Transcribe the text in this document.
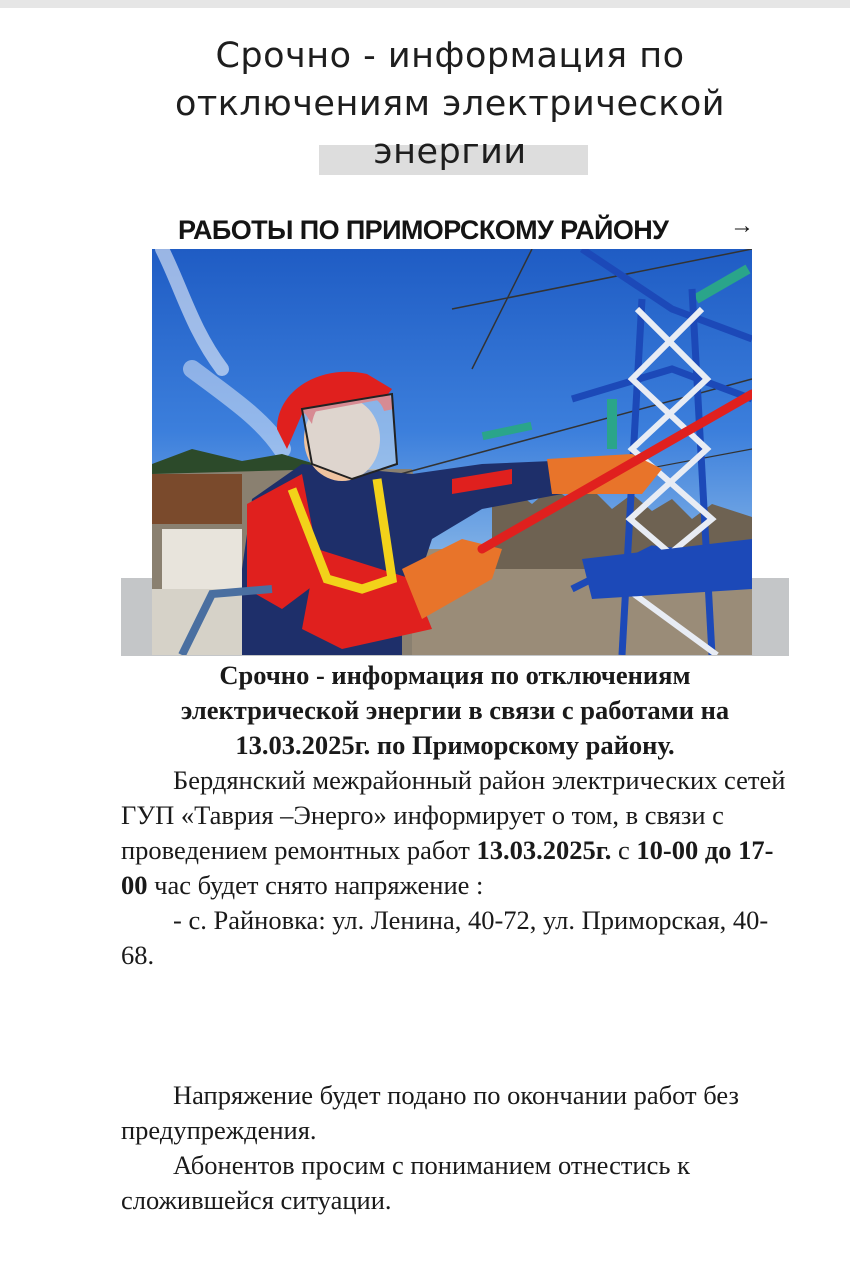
Срочно - информация по
отключениям электрической
энергии
РАБОТЫ ПО ПРИМОРСКОМУ РАЙОНУ	→
Срочно - информация по отключениям
электрической энергии в связи с работами на
13.03.2025г. по Приморскому району.

Бердянский межрайонный район электрических сетей ГУП «Таврия –Энерго» информирует о том, в связи с проведением ремонтных работ 13.03.2025г. с 10-00 до 17-00 час будет снято напряжение :

- с. Райновка: ул. Ленина, 40-72, ул. Приморская, 40-68.

Напряжение будет подано по окончании работ без предупреждения.

Абонентов просим с пониманием отнестись к сложившейся ситуации.
